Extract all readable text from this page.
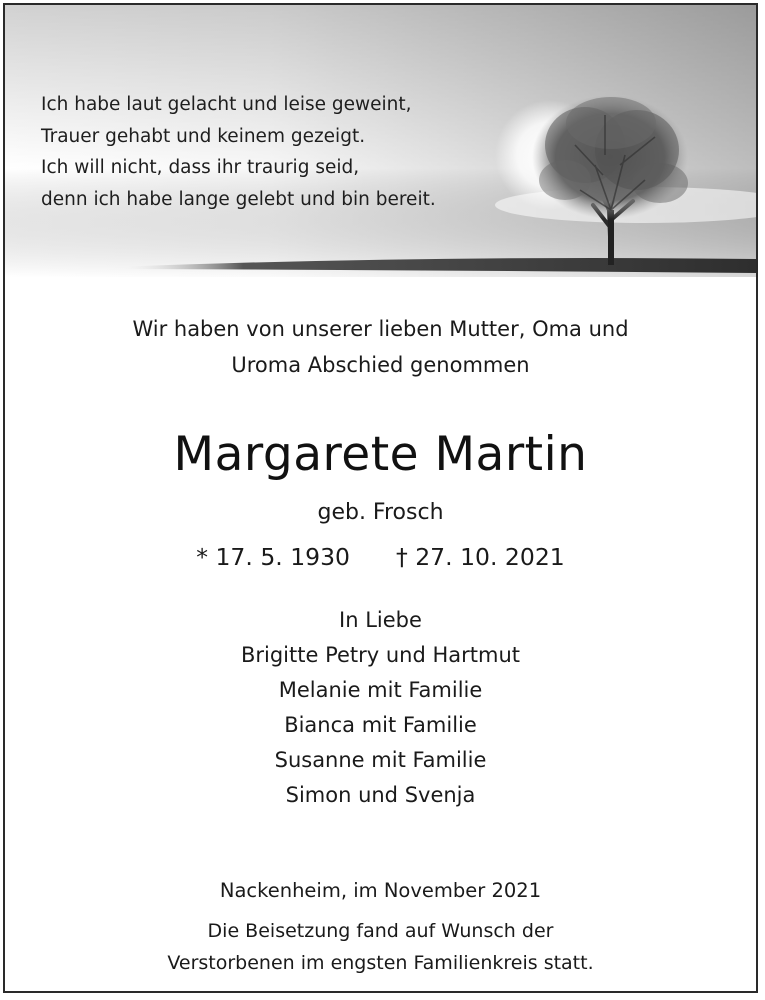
Ich habe laut gelacht und leise geweint,
Trauer gehabt und keinem gezeigt.
Ich will nicht, dass ihr traurig seid,
denn ich habe lange gelebt und bin bereit.
Wir haben von unserer lieben Mutter, Oma und
Uroma Abschied genommen
Margarete Martin
geb. Frosch
* 17. 5. 1930 † 27. 10. 2021
In Liebe
Brigitte Petry und Hartmut
Melanie mit Familie
Bianca mit Familie
Susanne mit Familie
Simon und Svenja
Nackenheim, im November 2021
Die Beisetzung fand auf Wunsch der
Verstorbenen im engsten Familienkreis statt.
